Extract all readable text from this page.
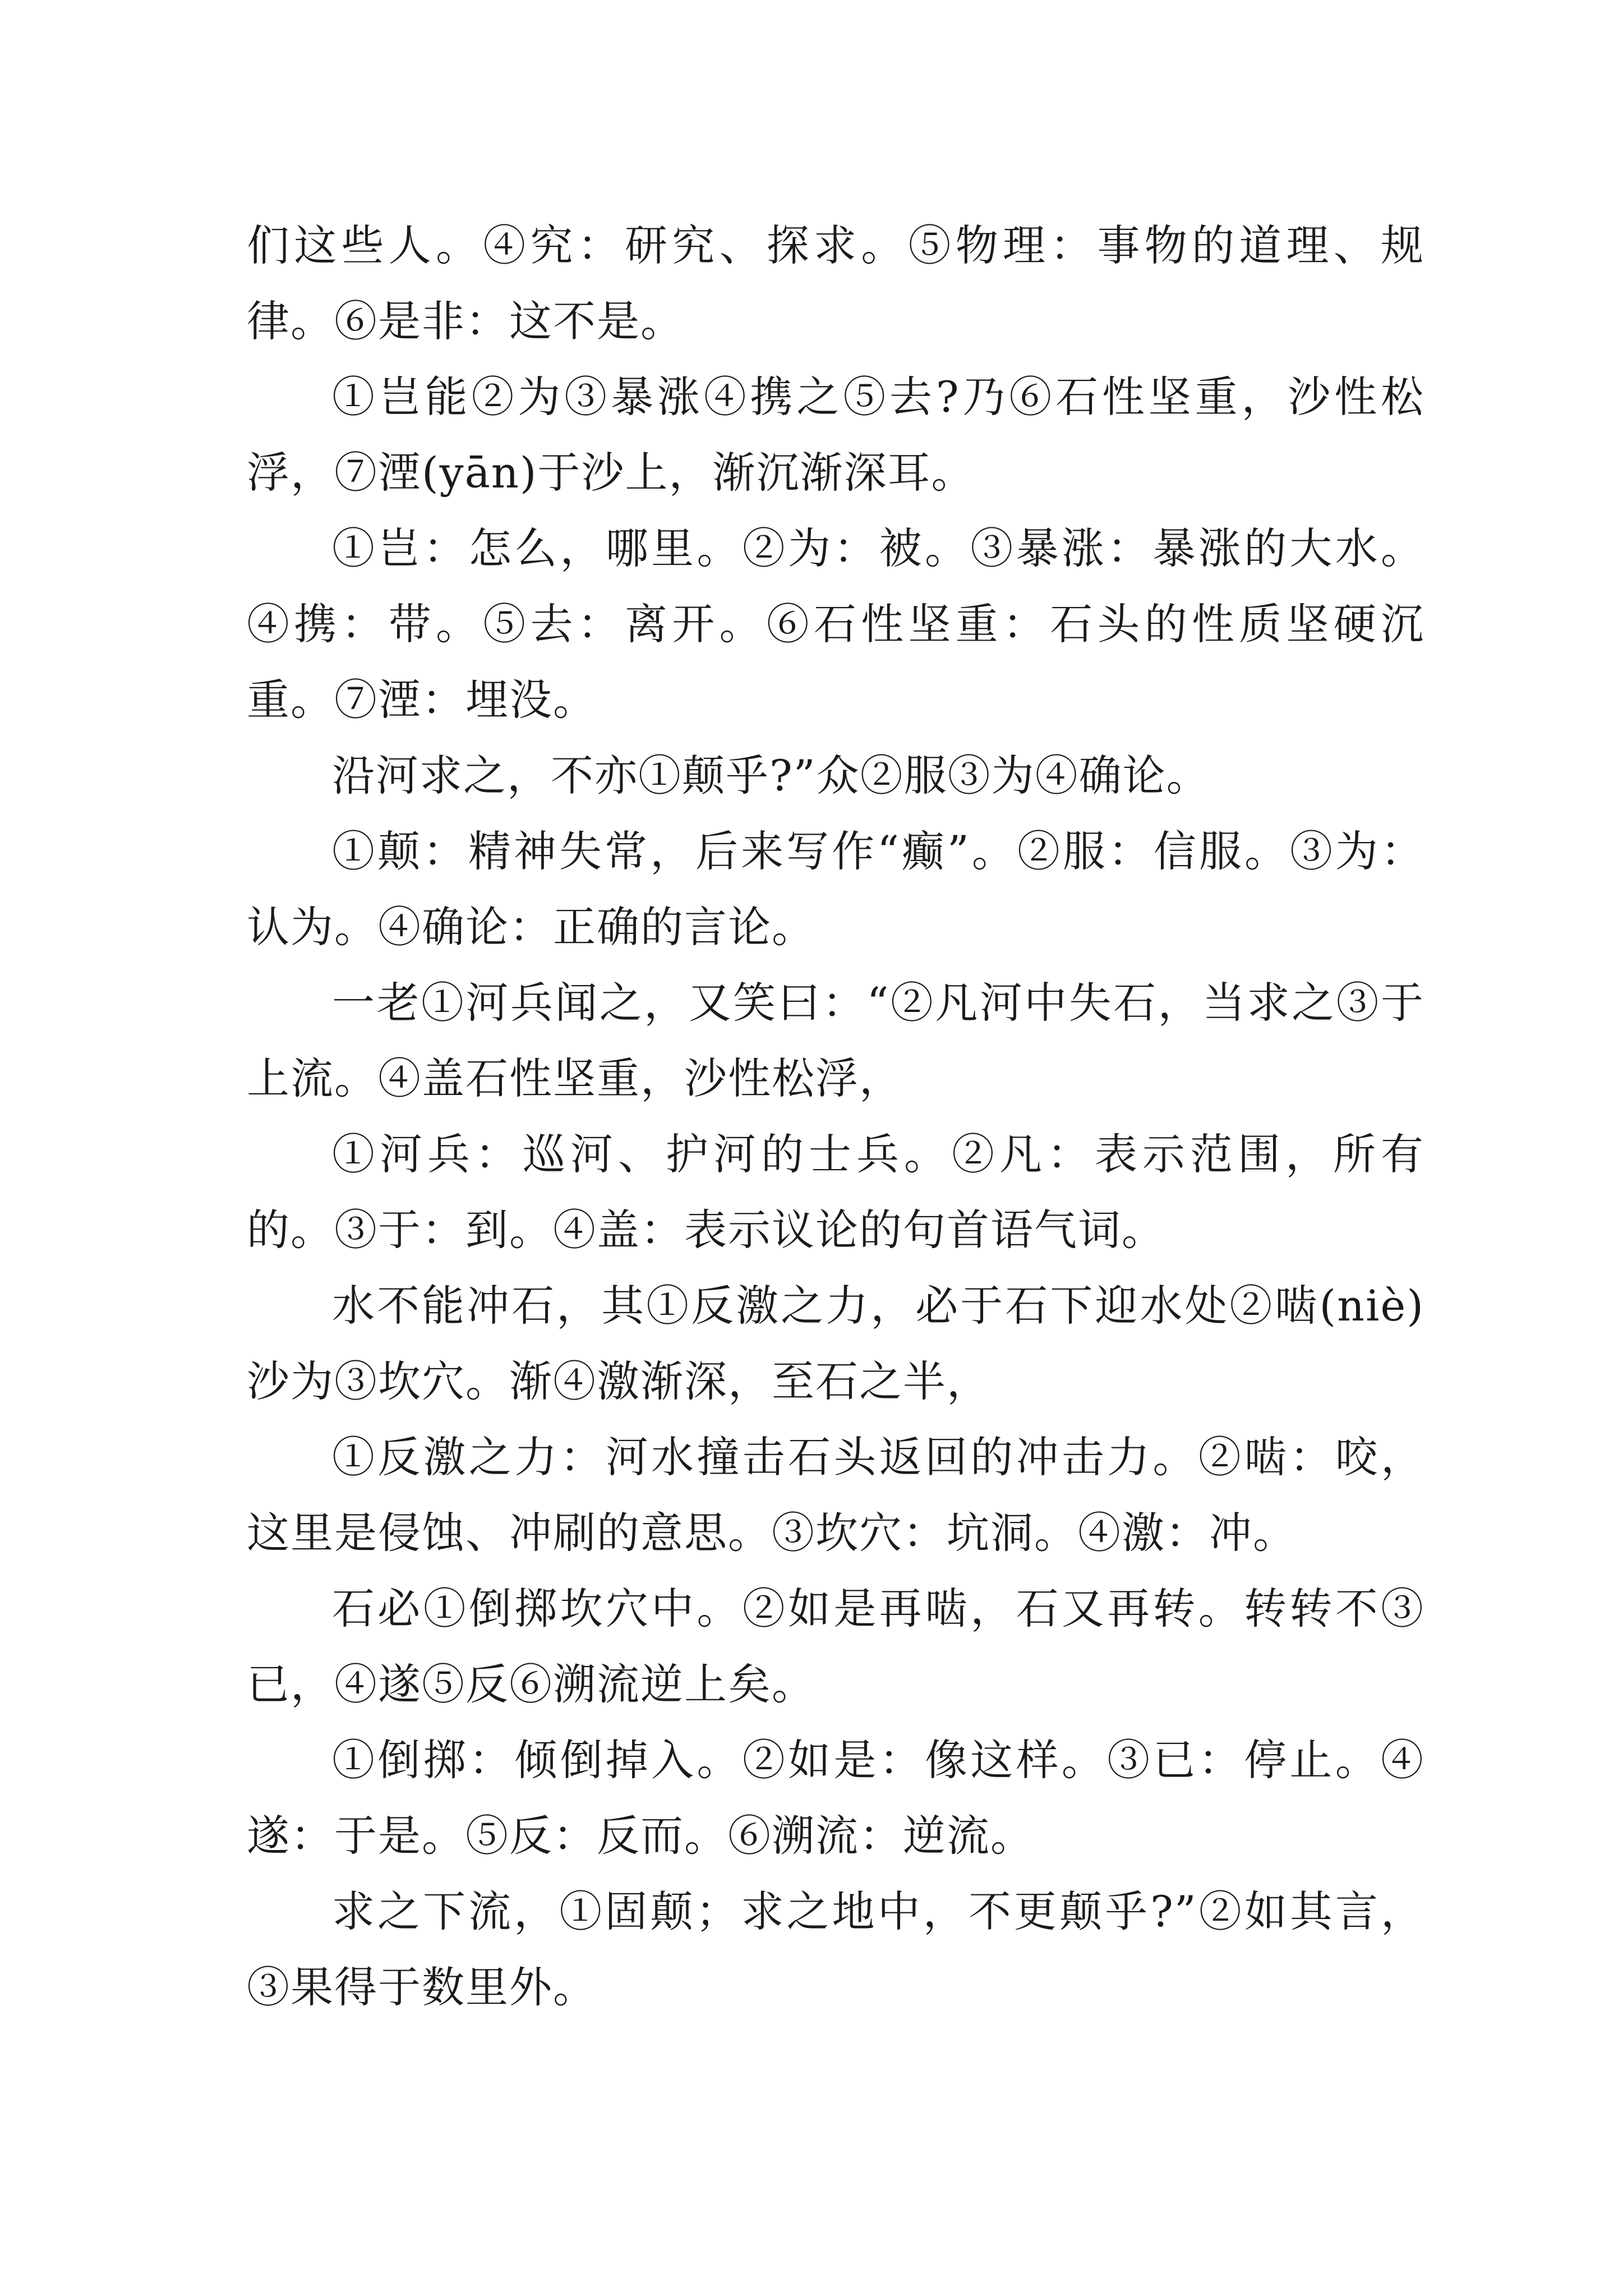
们这些人。④究：研究、探求。⑤物理：事物的道理、规律。⑥是非：这不是。

①岂能②为③暴涨④携之⑤去?乃⑥石性坚重，沙性松浮，⑦湮(yān)于沙上，渐沉渐深耳。

①岂：怎么，哪里。②为：被。③暴涨：暴涨的大水。④携：带。⑤去：离开。⑥石性坚重：石头的性质坚硬沉重。⑦湮：埋没。

沿河求之，不亦①颠乎?”众②服③为④确论。

①颠：精神失常，后来写作“癫”。②服：信服。③为：认为。④确论：正确的言论。

一老①河兵闻之，又笑曰：“②凡河中失石，当求之③于上流。④盖石性坚重，沙性松浮，

①河兵：巡河、护河的士兵。②凡：表示范围，所有的。③于：到。④盖：表示议论的句首语气词。

水不能冲石，其①反激之力，必于石下迎水处②啮(niè)沙为③坎穴。渐④激渐深，至石之半，

①反激之力：河水撞击石头返回的冲击力。②啮：咬，这里是侵蚀、冲刷的意思。③坎穴：坑洞。④激：冲。

石必①倒掷坎穴中。②如是再啮，石又再转。转转不③已，④遂⑤反⑥溯流逆上矣。

①倒掷：倾倒掉入。②如是：像这样。③已：停止。④遂：于是。⑤反：反而。⑥溯流：逆流。

求之下流，①固颠；求之地中，不更颠乎?”②如其言，③果得于数里外。
